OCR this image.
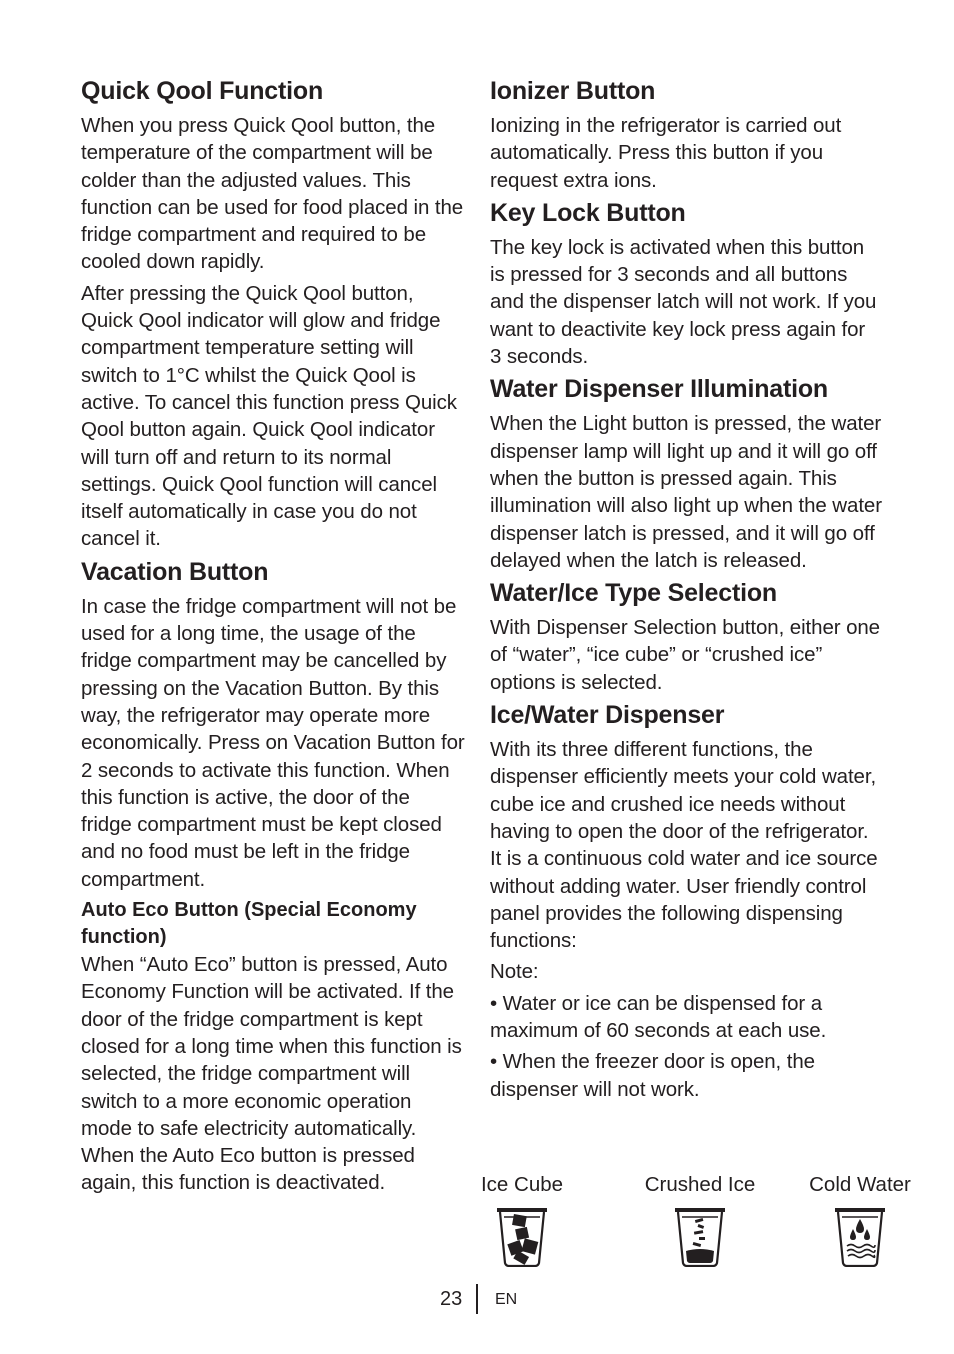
Quick Qool Function

When you press Quick Qool button, the temperature of the compartment will be colder than the adjusted values. This function can be used for food placed in the fridge compartment and required to be cooled down rapidly.

After pressing the Quick Qool button, Quick Qool indicator will glow and fridge compartment temperature setting will switch to 1°C whilst the Quick Qool is active. To cancel this function press Quick Qool button again. Quick Qool indicator will turn off and return to its normal settings. Quick Qool function will cancel itself automatically in case you do not cancel it.

Vacation Button

In case the fridge compartment will not be used for a long time, the usage of the fridge compartment may be cancelled by pressing on the Vacation Button. By this way, the refrigerator may operate more economically. Press on Vacation Button for 2 seconds to activate this function. When this function is active, the door of the fridge compartment must be kept closed and no food must be left in the fridge compartment.

Auto Eco Button (Special Economy function)

When “Auto Eco” button is pressed, Auto Economy Function will be activated. If the door of the fridge compartment is kept closed for a long time when this function is selected, the fridge compartment will switch to a more economic operation mode to safe electricity automatically. When the Auto Eco button is pressed again, this function is deactivated.

Ionizer Button

Ionizing in the refrigerator is carried out automatically. Press this button if you request extra ions.

Key Lock Button

The key lock is activated when this button is pressed for 3 seconds and all buttons and the dispenser latch will not work. If you want to deactivite key lock press again for 3 seconds.

Water Dispenser Illumination

When the Light button is pressed, the water dispenser lamp will light up and it will go off when the button is pressed again. This illumination will also light up when the water dispenser latch is pressed, and it will go off delayed when the latch is released.

Water/Ice Type Selection

With Dispenser Selection button, either one of “water”, “ice cube” or “crushed ice” options is selected.

Ice/Water Dispenser

With its three different functions, the dispenser efficiently meets your cold water, cube ice and crushed ice needs without having to open the door of the refrigerator. It is a continuous cold water and ice source without adding water. User friendly control panel provides the following dispensing functions:

Note:

• Water or ice can be dispensed for a maximum of 60 seconds at each use.

• When the freezer door is open, the dispenser will not work.

Ice Cube	Crushed Ice	Cold Water
23 EN
